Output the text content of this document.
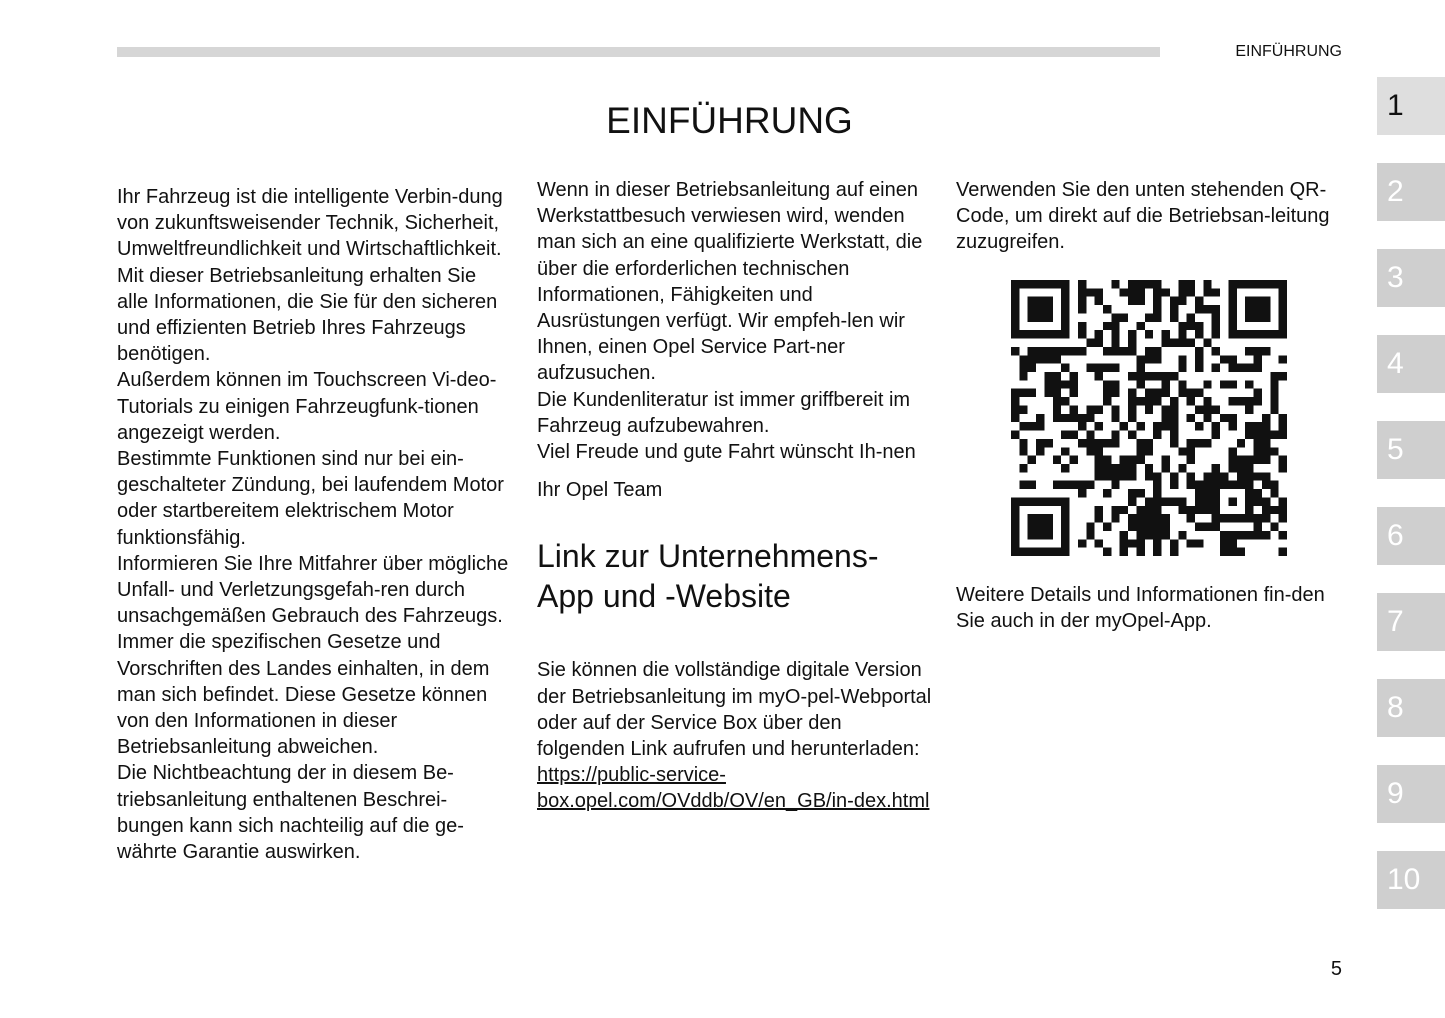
EINFÜHRUNG
EINFÜHRUNG

Ihr Fahrzeug ist die intelligente Verbin-dung von zukunftsweisender Technik, Sicherheit, Umweltfreundlichkeit und Wirtschaftlichkeit.

Mit dieser Betriebsanleitung erhalten Sie alle Informationen, die Sie für den sicheren und effizienten Betrieb Ihres Fahrzeugs benötigen.

Außerdem können im Touchscreen Vi-deo-Tutorials zu einigen Fahrzeugfunk-tionen angezeigt werden.

Bestimmte Funktionen sind nur bei ein-geschalteter Zündung, bei laufendem Motor oder startbereitem elektrischem Motor funktionsfähig.

Informieren Sie Ihre Mitfahrer über mögliche Unfall- und Verletzungsgefah-ren durch unsachgemäßen Gebrauch des Fahrzeugs.

Immer die spezifischen Gesetze und Vorschriften des Landes einhalten, in dem man sich befindet. Diese Gesetze können von den Informationen in dieser Betriebsanleitung abweichen.

Die Nichtbeachtung der in diesem Be-triebsanleitung enthaltenen Beschrei-bungen kann sich nachteilig auf die ge-währte Garantie auswirken.

Wenn in dieser Betriebsanleitung auf einen Werkstattbesuch verwiesen wird, wenden man sich an eine qualifizierte Werkstatt, die über die erforderlichen technischen Informationen, Fähigkeiten und Ausrüstungen verfügt. Wir empfeh-len wir Ihnen, einen Opel Service Part-ner aufzusuchen.

Die Kundenliteratur ist immer griffbereit im Fahrzeug aufzubewahren.

Viel Freude und gute Fahrt wünscht Ih-nen

Ihr Opel Team

Link zur Unternehmens-App und -Website

Sie können die vollständige digitale Version der Betriebsanleitung im myO-pel-Webportal oder auf der Service Box über den folgenden Link aufrufen und herunterladen:

https://public-service-box.opel.com/OVddb/OV/en_GB/in-dex.html

Verwenden Sie den unten stehenden QR-Code, um direkt auf die Betriebsan-leitung zuzugreifen.

Weitere Details und Informationen fin-den Sie auch in der myOpel-App.

1
2
3
4
5
6
7
8
9
10
5
